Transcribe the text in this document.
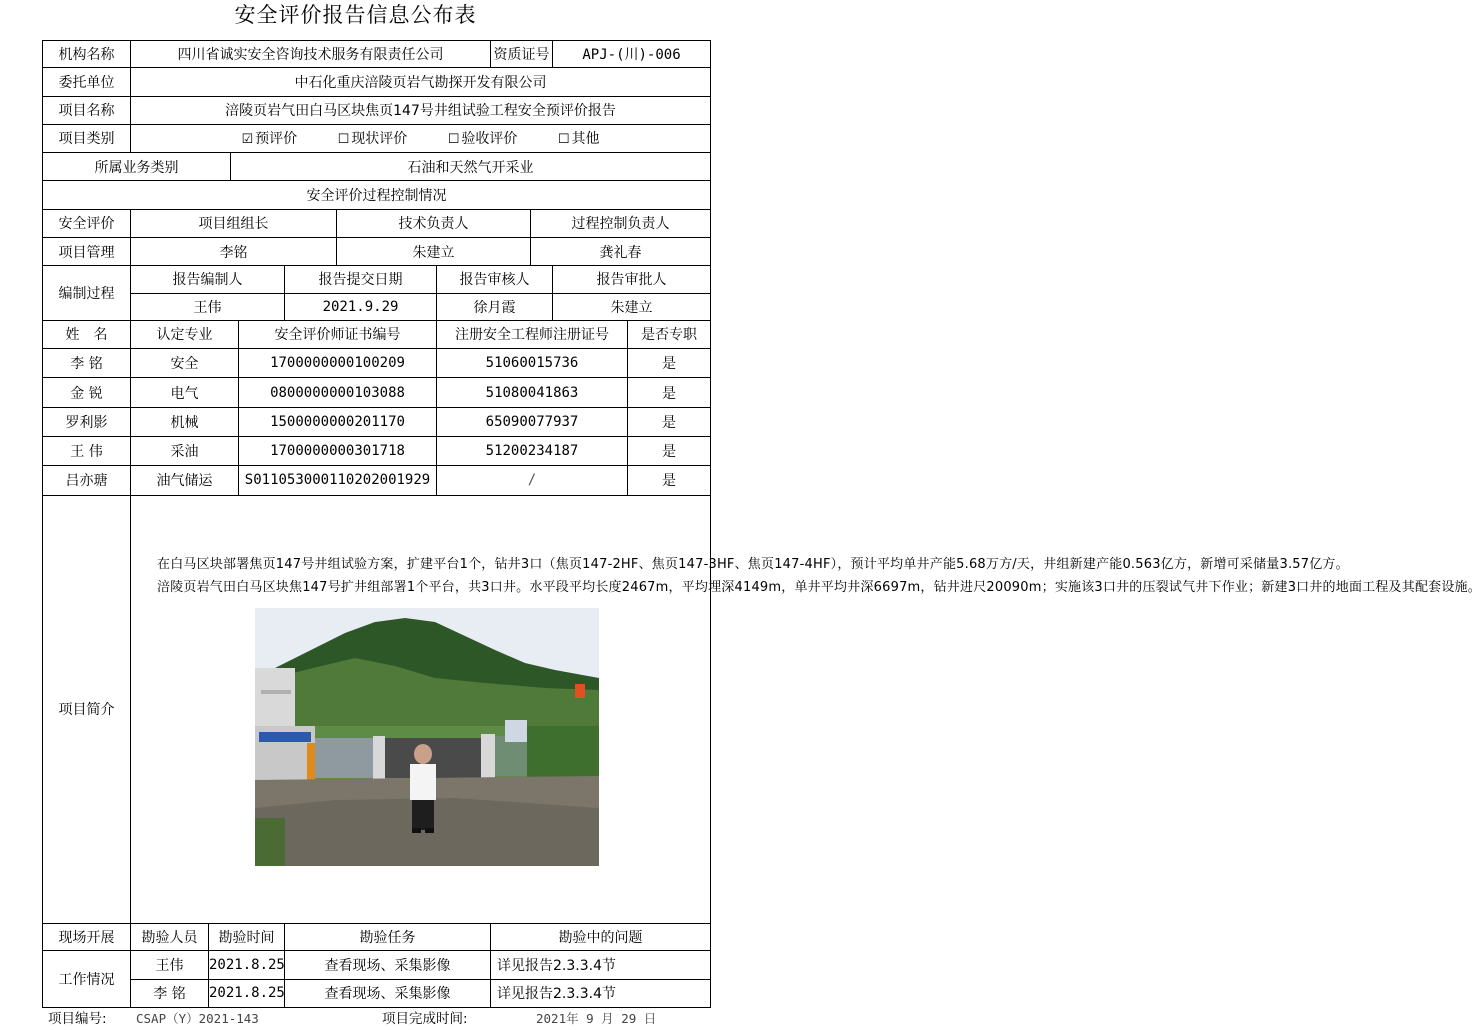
安全评价报告信息公布表
机构名称	四川省诚实安全咨询技术服务有限责任公司							资质证号		APJ-(川)-006	
委托单位	中石化重庆涪陵页岩气勘探开发有限公司										
项目名称	涪陵页岩气田白马区块焦页147号井组试验工程安全预评价报告										
项目类别	☑ 预评价 ☐ 现状评价 ☐ 验收评价 ☐ 其他										
所属业务类别			石油和天然气开采业								
安全评价过程控制情况											
安全评价	项目组组长					技术负责人			过程控制负责人		
项目管理	李铭					朱建立			龚礼春		
编制过程	报告编制人				报告提交日期		报告审核人			报告审批人	
	王伟				2021.9.29		徐月霞			朱建立	
姓　名	认定专业			安全评价师证书编号			注册安全工程师注册证号				是否专职
李 铭	安全			1700000000100209			51060015736				是
金 锐	电气			0800000000103088			51080041863				是
罗利影	机械			1500000000201170			65090077937				是
王 伟	采油			1700000000301718			51200234187				是
吕亦瑭	油气储运			S011053000110202001929			/				是
项目简介	在白马区块部署焦页147号井组试验方案，扩建平台1个，钻井3口（焦页147-2HF、焦页147-3HF、焦页147-4HF），预计平均单井产能5.68万方/天，井组新建产能0.563亿方，新增可采储量3.57亿方。

涪陵页岩气田白马区块焦147号扩井组部署1个平台，共3口井。水平段平均长度2467m，平均埋深4149m，单井平均井深6697m，钻井进尺20090m；实施该3口井的压裂试气井下作业；新建3口井的地面工程及其配套设施。										

现场开展	勘验人员	勘验时间			勘验任务			勘验中的问题			
工作情况	王伟	2021.8.25			查看现场、采集影像			详见报告2.3.3.4节			
	李 铭	2021.8.25			查看现场、采集影像			详见报告2.3.3.4节			
项目编号: CSAP（Y）2021-143	项目完成时间:	2021年 9 月 29 日
